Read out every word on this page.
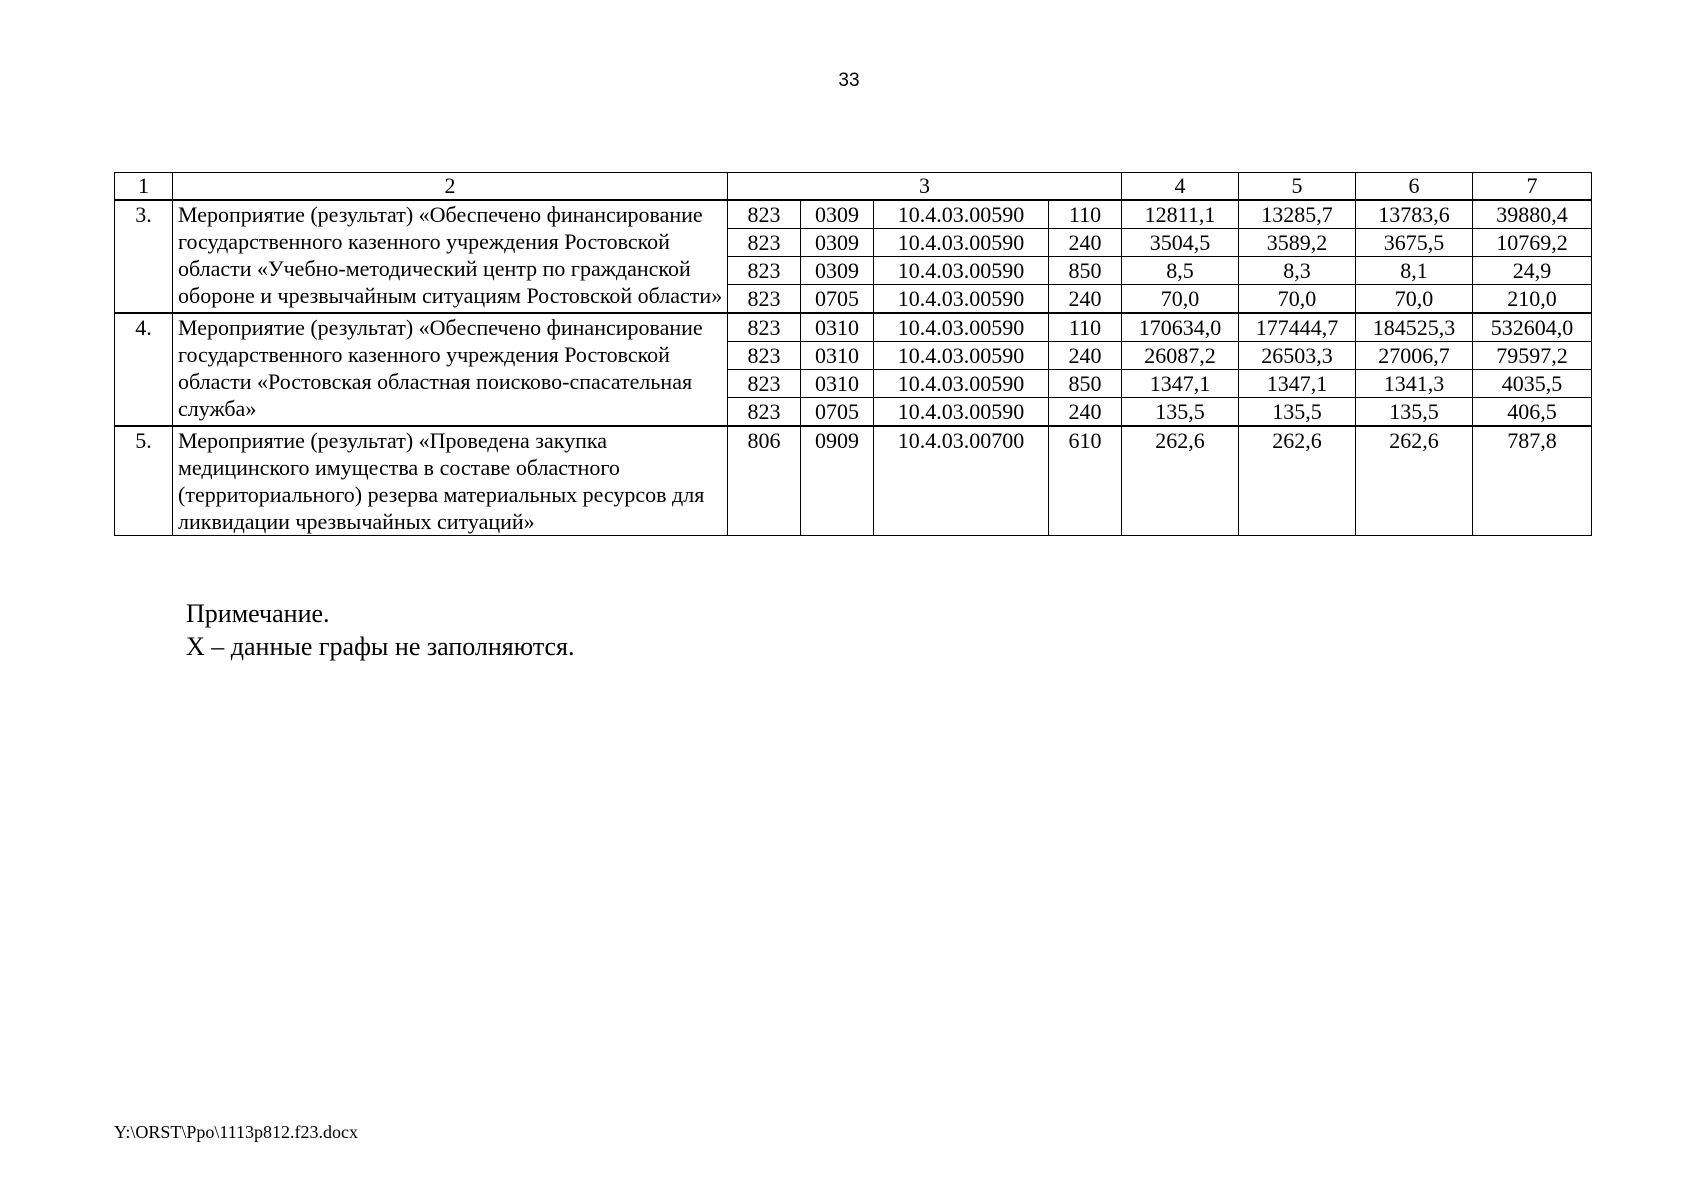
33
1	2	3				4	5	6	7
3.	Мероприятие (результат) «Обеспечено финансирование государственного казенного учреждения Ростовской области «Учебно-методический центр по гражданской обороне и чрезвычайным ситуациям Ростовской области»	823	0309	10.4.03.00590	110	12811,1	13285,7	13783,6	39880,4
		823	0309	10.4.03.00590	240	3504,5	3589,2	3675,5	10769,2
		823	0309	10.4.03.00590	850	8,5	8,3	8,1	24,9
		823	0705	10.4.03.00590	240	70,0	70,0	70,0	210,0
4.	Мероприятие (результат) «Обеспечено финансирование государственного казенного учреждения Ростовской области «Ростовская областная поисково-спасательная служба»	823	0310	10.4.03.00590	110	170634,0	177444,7	184525,3	532604,0
		823	0310	10.4.03.00590	240	26087,2	26503,3	27006,7	79597,2
		823	0310	10.4.03.00590	850	1347,1	1347,1	1341,3	4035,5
		823	0705	10.4.03.00590	240	135,5	135,5	135,5	406,5
5.	Мероприятие (результат) «Проведена закупка медицинского имущества в составе областного (территориального) резерва материальных ресурсов для ликвидации чрезвычайных ситуаций»	806	0909	10.4.03.00700	610	262,6	262,6	262,6	787,8
Примечание.
X – данные графы не заполняются.
Y:\ORST\Ppo\1113p812.f23.docx
